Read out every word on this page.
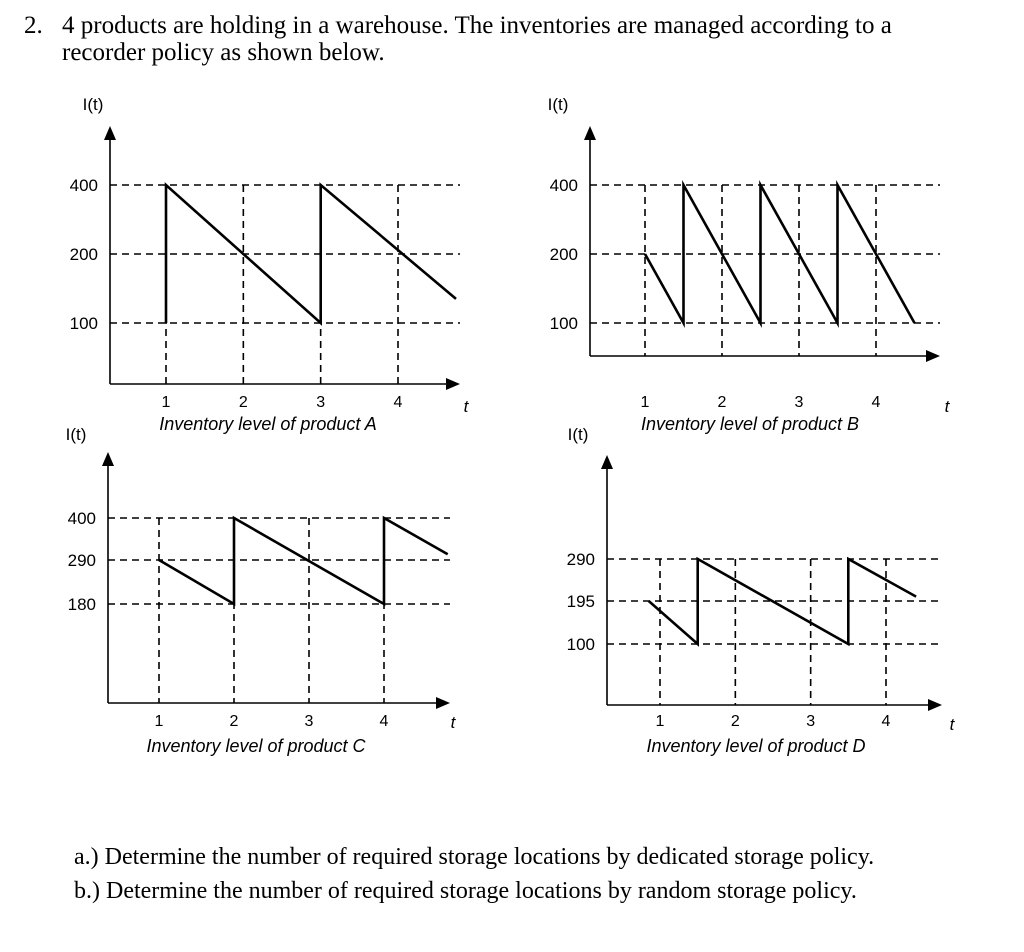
2. 4 products are holding in a warehouse. The inventories are managed according to a
recorder policy as shown below.
400
200
100
1	2	3	4
I(t)
t
Inventory level of product A
400
200
100
1	2	3	4
I(t)
t
Inventory level of product B
400
290
180
1	2	3	4
I(t)
t
Inventory level of product C
290
195
100
1	2	3	4
I(t)
t
Inventory level of product D
a.) Determine the number of required storage locations by dedicated storage policy.
b.) Determine the number of required storage locations by random storage policy.
